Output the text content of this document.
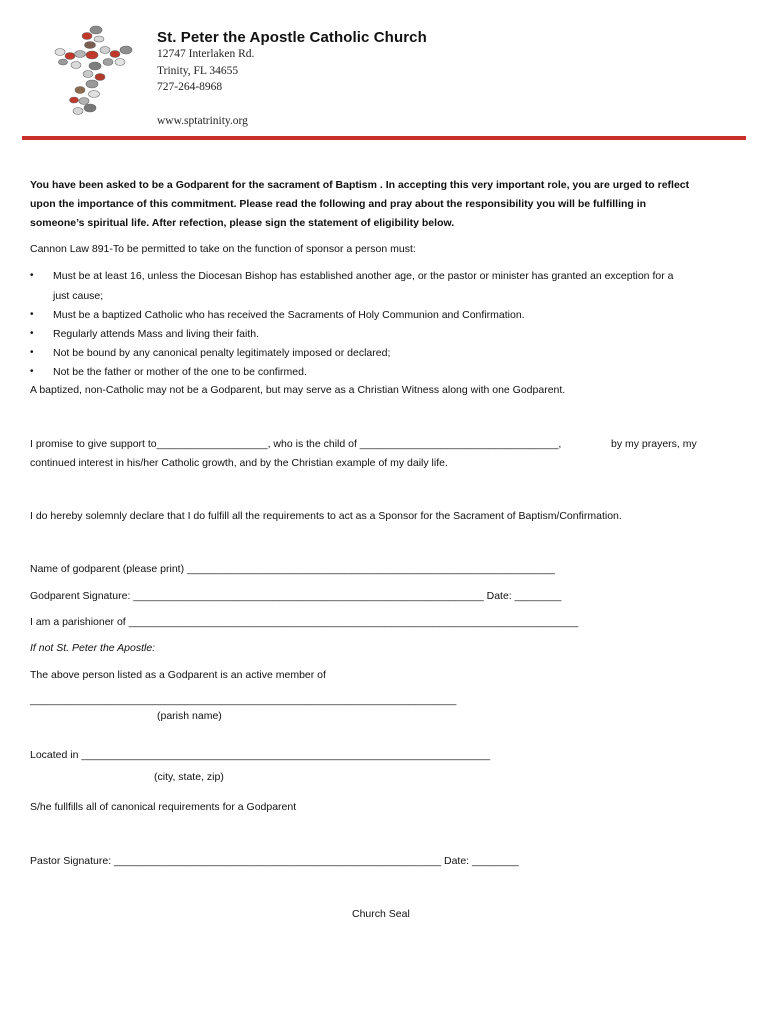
St. Peter the Apostle Catholic Church
12747 Interlaken Rd.
Trinity, FL 34655
727-264-8968
www.sptatrinity.org
You have been asked to be a Godparent for the sacrament of Baptism . In accepting this very important role, you are urged to reflect
upon the importance of this commitment. Please read the following and pray about the responsibility you will be fulfilling in
someone’s spiritual life. After refection, please sign the statement of eligibility below.
Cannon Law 891-To be permitted to take on the function of sponsor a person must:
• Must be at least 16, unless the Diocesan Bishop has established another age, or the pastor or minister has granted an exception for a
just cause;
• Must be a baptized Catholic who has received the Sacraments of Holy Communion and Confirmation.
• Regularly attends Mass and living their faith.
• Not be bound by any canonical penalty legitimately imposed or declared;
• Not be the father or mother of the one to be confirmed.
A baptized, non-Catholic may not be a Godparent, but may serve as a Christian Witness along with one Godparent.
I promise to give support to___________________, who is the child of __________________________________,	by my prayers, my
continued interest in his/her Catholic growth, and by the Christian example of my daily life.
I do hereby solemnly declare that I do fulfill all the requirements to act as a Sponsor for the Sacrament of Baptism/Confirmation.
Name of godparent (please print) _______________________________________________________________
Godparent Signature: ____________________________________________________________ Date: ________
I am a parishioner of _____________________________________________________________________________
If not St. Peter the Apostle:
The above person listed as a Godparent is an active member of
_________________________________________________________________________
(parish name)
Located in ______________________________________________________________________
(city, state, zip)
S/he fullfills all of canonical requirements for a Godparent
Pastor Signature: ________________________________________________________ Date: ________
Church Seal
